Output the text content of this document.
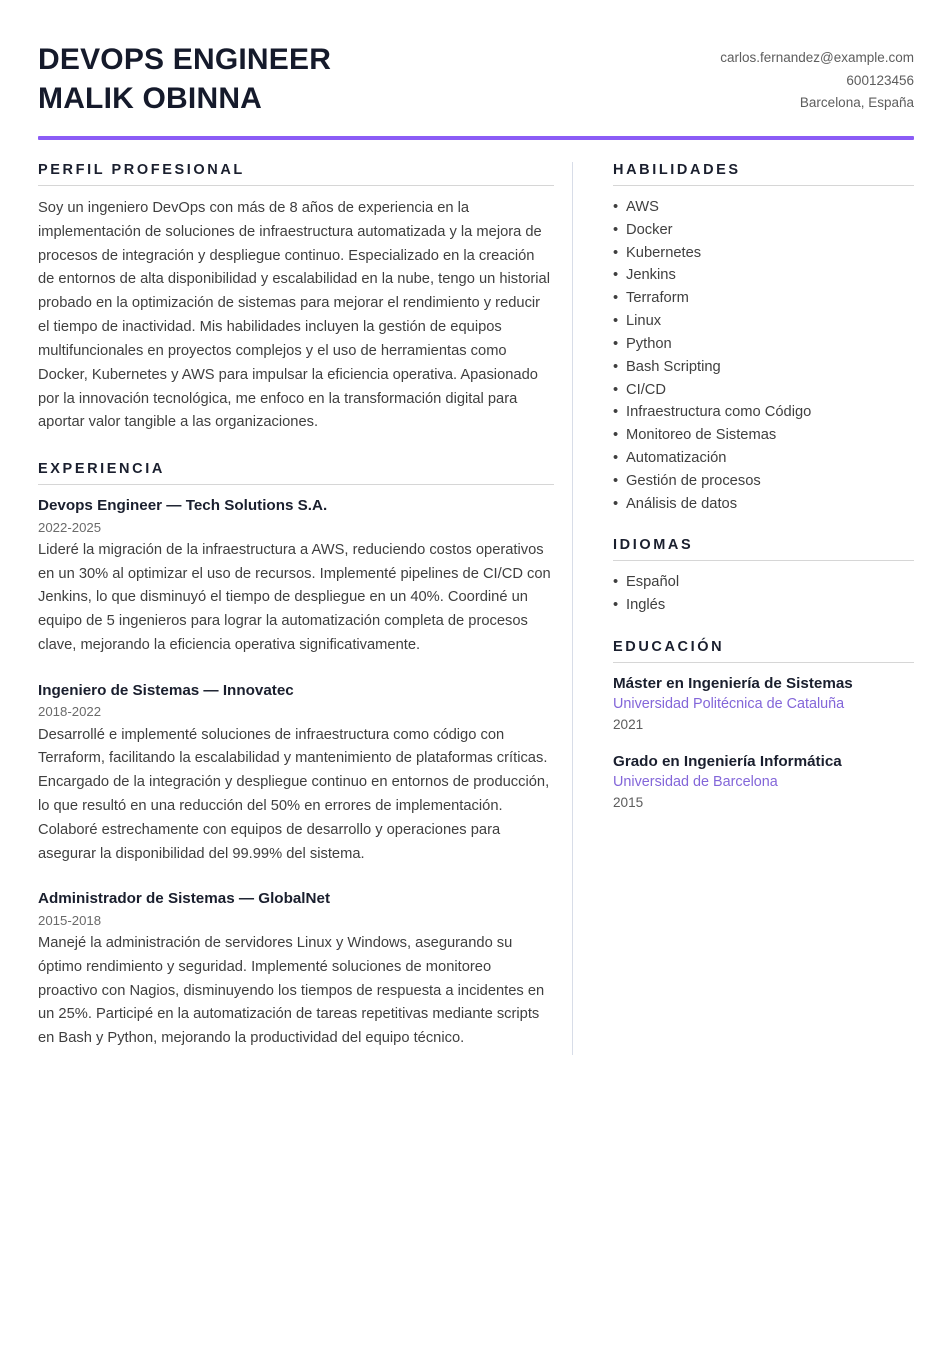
DEVOPS ENGINEER
MALIK OBINNA
carlos.fernandez@example.com
600123456
Barcelona, España
PERFIL PROFESIONAL
Soy un ingeniero DevOps con más de 8 años de experiencia en la implementación de soluciones de infraestructura automatizada y la mejora de procesos de integración y despliegue continuo. Especializado en la creación de entornos de alta disponibilidad y escalabilidad en la nube, tengo un historial probado en la optimización de sistemas para mejorar el rendimiento y reducir el tiempo de inactividad. Mis habilidades incluyen la gestión de equipos multifuncionales en proyectos complejos y el uso de herramientas como Docker, Kubernetes y AWS para impulsar la eficiencia operativa. Apasionado por la innovación tecnológica, me enfoco en la transformación digital para aportar valor tangible a las organizaciones.
EXPERIENCIA
Devops Engineer — Tech Solutions S.A.
2022-2025
Lideré la migración de la infraestructura a AWS, reduciendo costos operativos en un 30% al optimizar el uso de recursos. Implementé pipelines de CI/CD con Jenkins, lo que disminuyó el tiempo de despliegue en un 40%. Coordiné un equipo de 5 ingenieros para lograr la automatización completa de procesos clave, mejorando la eficiencia operativa significativamente.
Ingeniero de Sistemas — Innovatec
2018-2022
Desarrollé e implementé soluciones de infraestructura como código con Terraform, facilitando la escalabilidad y mantenimiento de plataformas críticas. Encargado de la integración y despliegue continuo en entornos de producción, lo que resultó en una reducción del 50% en errores de implementación. Colaboré estrechamente con equipos de desarrollo y operaciones para asegurar la disponibilidad del 99.99% del sistema.
Administrador de Sistemas — GlobalNet
2015-2018
Manejé la administración de servidores Linux y Windows, asegurando su óptimo rendimiento y seguridad. Implementé soluciones de monitoreo proactivo con Nagios, disminuyendo los tiempos de respuesta a incidentes en un 25%. Participé en la automatización de tareas repetitivas mediante scripts en Bash y Python, mejorando la productividad del equipo técnico.
HABILIDADES
• AWS
• Docker
• Kubernetes
• Jenkins
• Terraform
• Linux
• Python
• Bash Scripting
• CI/CD
• Infraestructura como Código
• Monitoreo de Sistemas
• Automatización
• Gestión de procesos
• Análisis de datos
IDIOMAS
• Español
• Inglés
EDUCACIÓN
Máster en Ingeniería de Sistemas
Universidad Politécnica de Cataluña
2021
Grado en Ingeniería Informática
Universidad de Barcelona
2015
